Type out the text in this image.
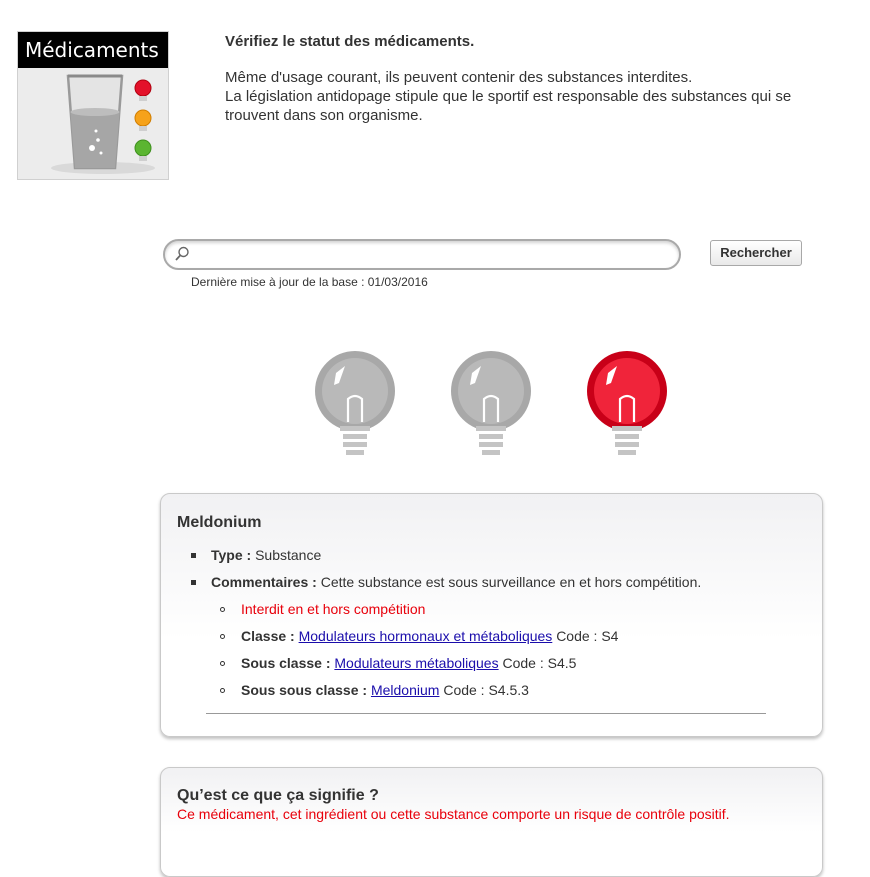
Médicaments	Vérifiez le statut des médicaments.

Même d'usage courant, ils peuvent contenir des substances interdites.

La législation antidopage stipule que le sportif est responsable des substances qui se

trouvent dans son organisme.

Rechercher
Dernière mise à jour de la base : 01/03/2016
Meldonium
Type : Substance
Commentaires : Cette substance est sous surveillance en et hors compétition.
Interdit en et hors compétition
Classe : Modulateurs hormonaux et métaboliques Code : S4
Sous classe : Modulateurs métaboliques Code : S4.5
Sous sous classe : Meldonium Code : S4.5.3
Qu’est ce que ça signifie ?
Ce médicament, cet ingrédient ou cette substance comporte un risque de contrôle positif.
